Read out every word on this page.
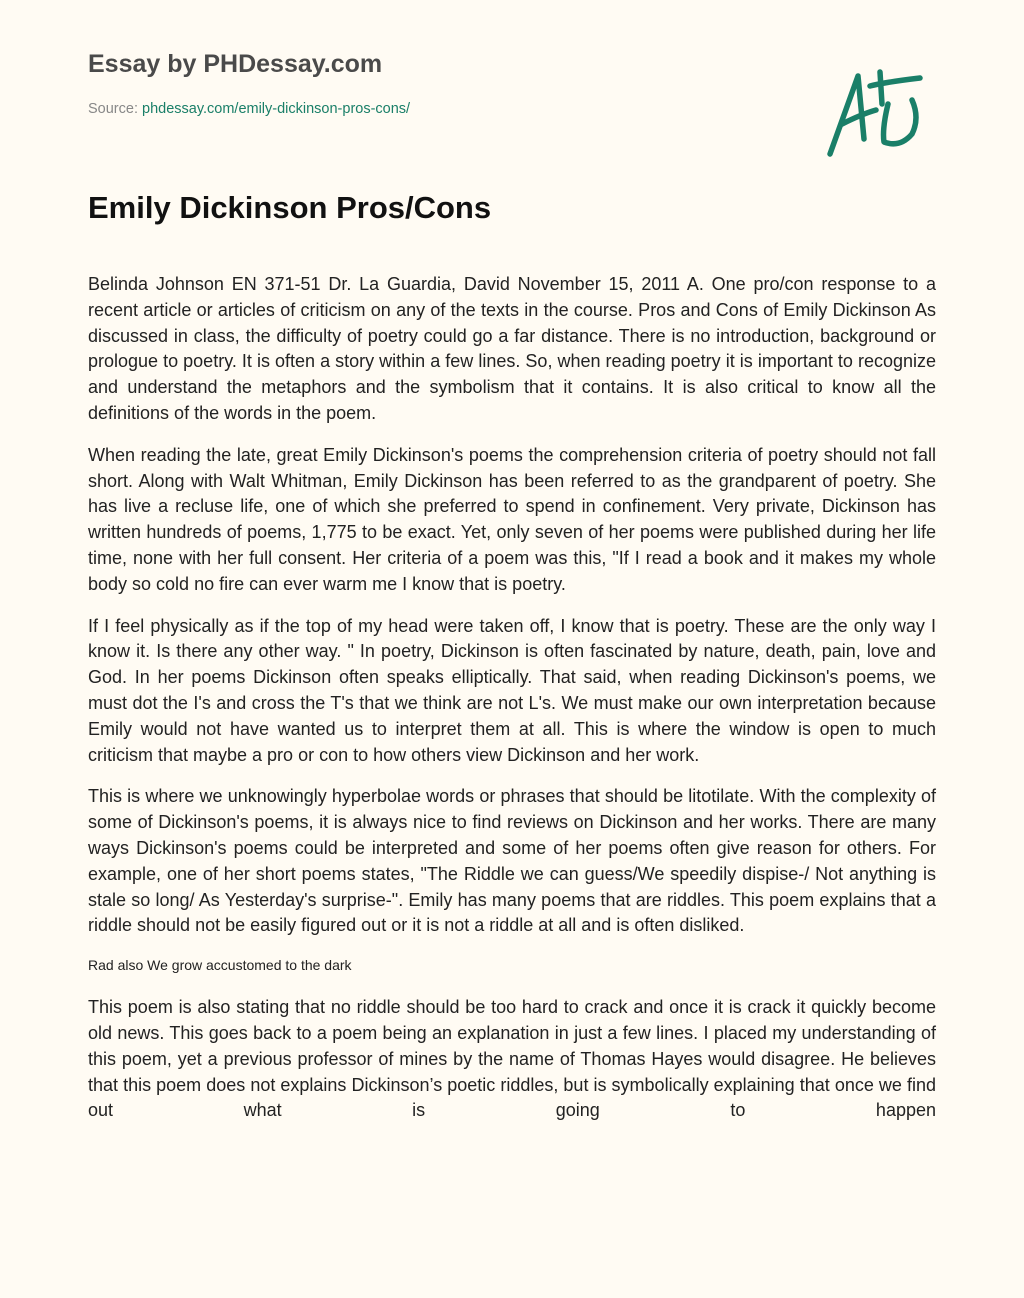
Essay by PHDessay.com
Source: phdessay.com/emily-dickinson-pros-cons/
Emily Dickinson Pros/Cons

Belinda Johnson EN 371-51 Dr. La Guardia, David November 15, 2011 A. One pro/con response to a recent article or articles of criticism on any of the texts in the course. Pros and Cons of Emily Dickinson As discussed in class, the difficulty of poetry could go a far distance. There is no introduction, background or prologue to poetry. It is often a story within a few lines. So, when reading poetry it is important to recognize and understand the metaphors and the symbolism that it contains. It is also critical to know all the definitions of the words in the poem.

When reading the late, great Emily Dickinson's poems the comprehension criteria of poetry should not fall short. Along with Walt Whitman, Emily Dickinson has been referred to as the grandparent of poetry. She has live a recluse life, one of which she preferred to spend in confinement. Very private, Dickinson has written hundreds of poems, 1,775 to be exact. Yet, only seven of her poems were published during her life time, none with her full consent. Her criteria of a poem was this, "If I read a book and it makes my whole body so cold no fire can ever warm me I know that is poetry.

If I feel physically as if the top of my head were taken off, I know that is poetry. These are the only way I know it. Is there any other way. " In poetry, Dickinson is often fascinated by nature, death, pain, love and God. In her poems Dickinson often speaks elliptically. That said, when reading Dickinson's poems, we must dot the I's and cross the T's that we think are not L's. We must make our own interpretation because Emily would not have wanted us to interpret them at all. This is where the window is open to much criticism that maybe a pro or con to how others view Dickinson and her work.

This is where we unknowingly hyperbolae words or phrases that should be litotilate. With the complexity of some of Dickinson's poems, it is always nice to find reviews on Dickinson and her works. There are many ways Dickinson's poems could be interpreted and some of her poems often give reason for others. For example, one of her short poems states, "The Riddle we can guess/We speedily dispise-/ Not anything is stale so long/ As Yesterday's surprise-". Emily has many poems that are riddles. This poem explains that a riddle should not be easily figured out or it is not a riddle at all and is often disliked.

Rad also We grow accustomed to the dark

This poem is also stating that no riddle should be too hard to crack and once it is crack it quickly become old news. This goes back to a poem being an explanation in just a few lines. I placed my understanding of this poem, yet a previous professor of mines by the name of Thomas Hayes would disagree. He believes that this poem does not explains Dickinson’s poetic riddles, but is symbolically explaining that once we find out what is going to happen
